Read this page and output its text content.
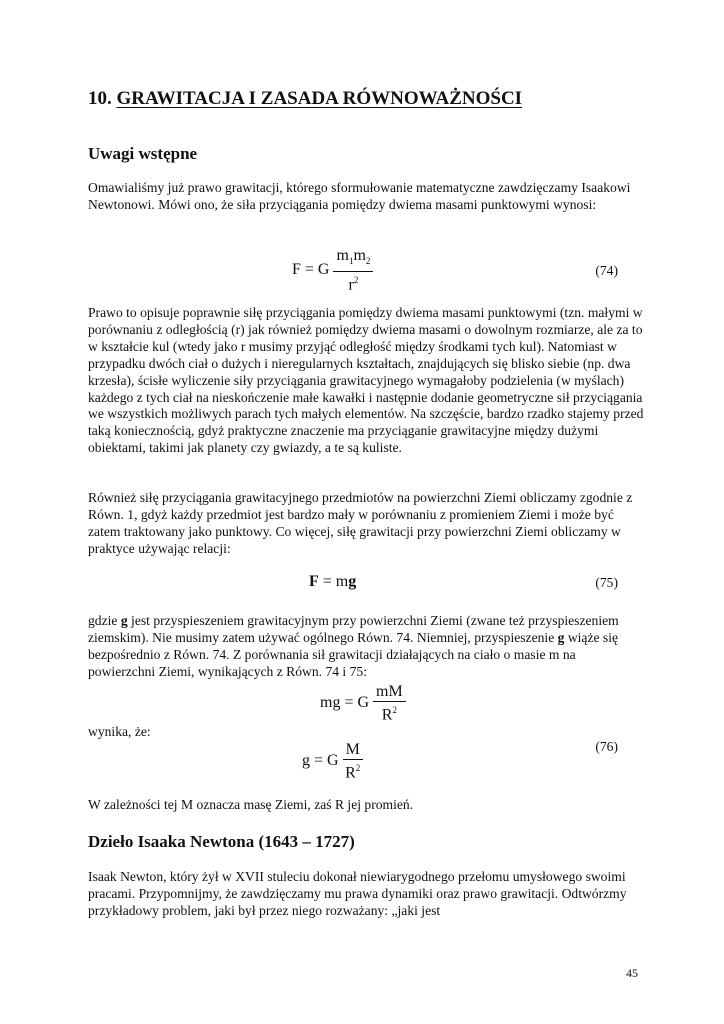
10. GRAWITACJA I ZASADA RÓWNOWAŻNOŚCI
Uwagi wstępne
Omawialiśmy już prawo grawitacji, którego sformułowanie matematyczne zawdzięczamy Isaakowi Newtonowi. Mówi ono, że siła przyciągania pomiędzy dwiema masami punktowymi wynosi:
F = G $\frac{m_1m_2}{r^2}$	(74)
Prawo to opisuje poprawnie siłę przyciągania pomiędzy dwiema masami punktowymi (tzn. małymi w porównaniu z odległością (r) jak również pomiędzy dwiema masami o dowolnym rozmiarze, ale za to w kształcie kul (wtedy jako r musimy przyjąć odległość między środkami tych kul). Natomiast w przypadku dwóch ciał o dużych i nieregularnych kształtach, znajdujących się blisko siebie (np. dwa krzesła), ścisłe wyliczenie siły przyciągania grawitacyjnego wymagałoby podzielenia (w myślach) każdego z tych ciał na nieskończenie małe kawałki i następnie dodanie geometryczne sił przyciągania we wszystkich możliwych parach tych małych elementów. Na szczęście, bardzo rzadko stajemy przed taką koniecznością, gdyż praktyczne znaczenie ma przyciąganie grawitacyjne między dużymi obiektami, takimi jak planety czy gwiazdy, a te są kuliste.
Również siłę przyciągania grawitacyjnego przedmiotów na powierzchni Ziemi obliczamy zgodnie z Równ. 1, gdyż każdy przedmiot jest bardzo mały w porównaniu z promieniem Ziemi i może być zatem traktowany jako punktowy. Co więcej, siłę grawitacji przy powierzchni Ziemi obliczamy w praktyce używając relacji:
F = mg	(75)
gdzie g jest przyspieszeniem grawitacyjnym przy powierzchni Ziemi (zwane też przyspieszeniem ziemskim). Nie musimy zatem używać ogólnego Równ. 74. Niemniej, przyspieszenie g wiąże się bezpośrednio z Równ. 74. Z porównania sił grawitacji działających na ciało o masie m na powierzchni Ziemi, wynikających z Równ. 74 i 75:
mg = G $\frac{mM}{R^2}$
wynika, że:
g = G $\frac{M}{R^2}$	(76)
W zależności tej M oznacza masę Ziemi, zaś R jej promień.
Dzieło Isaaka Newtona (1643 – 1727)
Isaak Newton, który żył w XVII stuleciu dokonał niewiarygodnego przełomu umysłowego swoimi pracami. Przypomnijmy, że zawdzięczamy mu prawa dynamiki oraz prawo grawitacji. Odtwórzmy przykładowy problem, jaki był przez niego rozważany: „jaki jest
45
